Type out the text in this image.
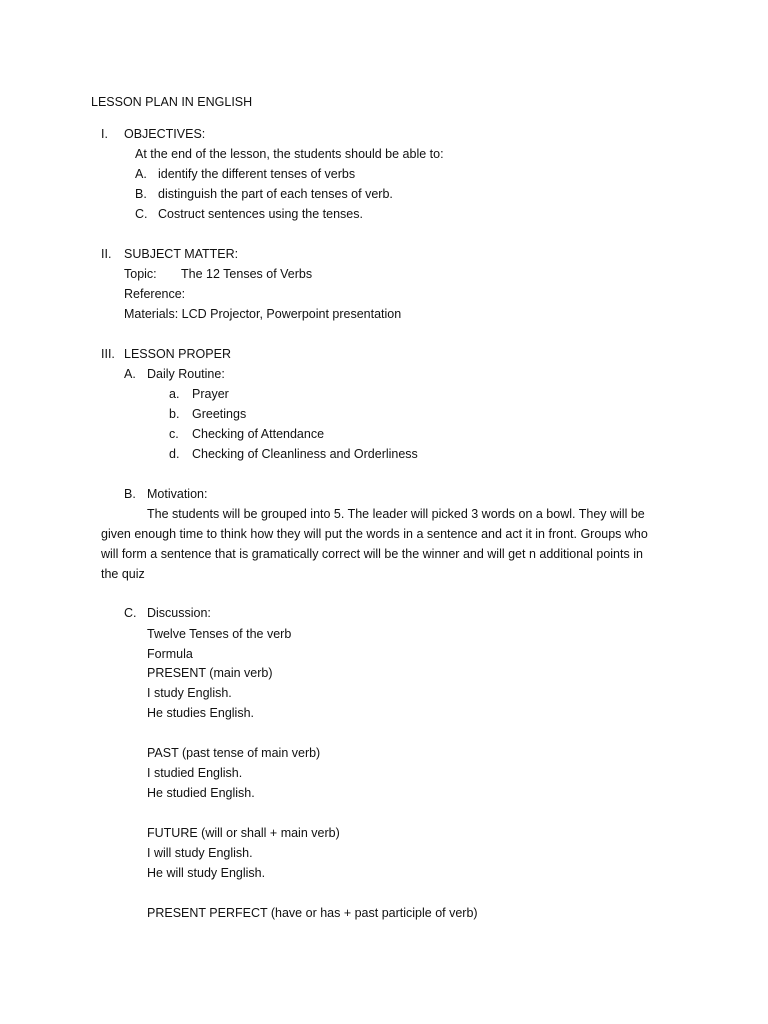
LESSON PLAN IN ENGLISH
I. OBJECTIVES:
At the end of the lesson, the students should be able to:
A. identify the different tenses of verbs
B. distinguish the part of each tenses of verb.
C. Costruct sentences using the tenses.
II. SUBJECT MATTER:
Topic: The 12 Tenses of Verbs
Reference:
Materials: LCD Projector, Powerpoint presentation
III. LESSON PROPER
A. Daily Routine:
a. Prayer
b. Greetings
c. Checking of Attendance
d. Checking of Cleanliness and Orderliness
B. Motivation:
The students will be grouped into 5. The leader will picked 3 words on a bowl. They will be
given enough time to think how they will put the words in a sentence and act it in front. Groups who
will form a sentence that is gramatically correct will be the winner and will get n additional points in
the quiz
C. Discussion:
Twelve Tenses of the verb
Formula
PRESENT (main verb)
I study English.
He studies English.
PAST (past tense of main verb)
I studied English.
He studied English.
FUTURE (will or shall + main verb)
I will study English.
He will study English.
PRESENT PERFECT (have or has + past participle of verb)
